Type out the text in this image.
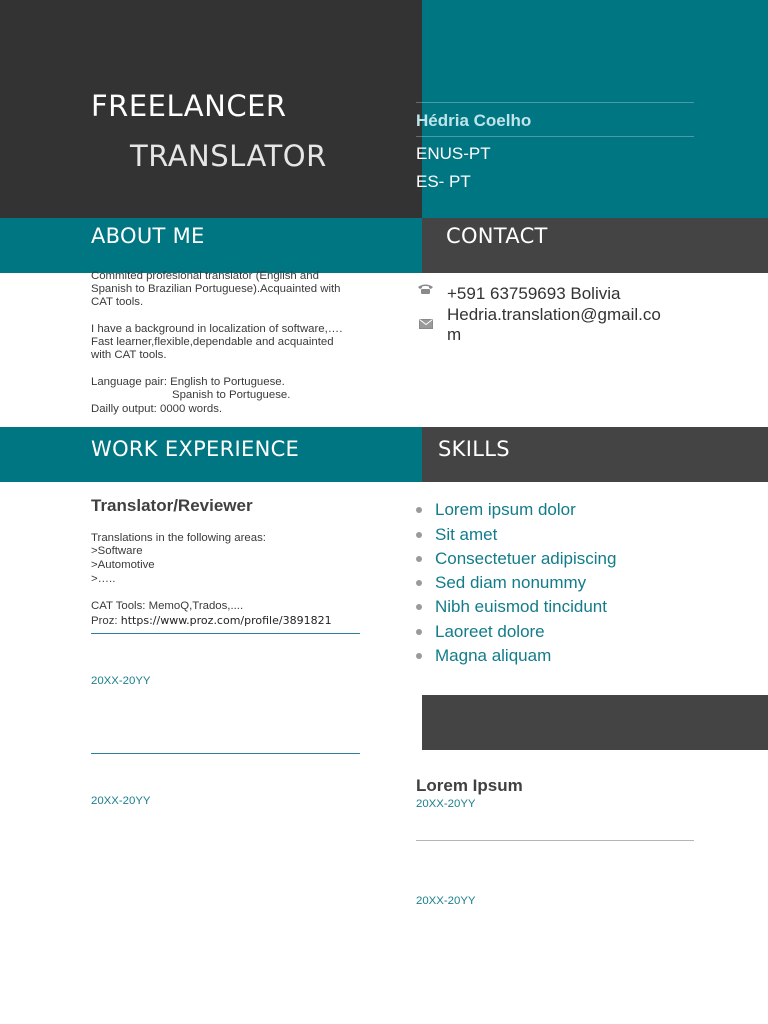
FREELANCER
TRANSLATOR
Hédria Coelho
ENUS-PT
ES- PT
ABOUT ME	CONTACT
Commited profesional translator (English and
Spanish to Brazilian Portuguese).Acquainted with
CAT tools.
I have a background in localization of software,….
Fast learner,flexible,dependable and acquainted
with CAT tools.
Language pair: English to Portuguese.
Spanish to Portuguese.
Dailly output: 0000 words.
+591 63759693 Bolivia
Hedria.translation@gmail.co
m
WORK EXPERIENCE	SKILLS
Translator/Reviewer
Translations in the following areas:
>Software
>Automotive
>…..
CAT Tools: MemoQ,Trados,....
Proz: https://www.proz.com/profile/3891821
20XX-20YY
20XX-20YY
Lorem ipsum dolor
Sit amet
Consectetuer adipiscing
Sed diam nonummy
Nibh euismod tincidunt
Laoreet dolore
Magna aliquam
Lorem Ipsum
20XX-20YY
20XX-20YY
